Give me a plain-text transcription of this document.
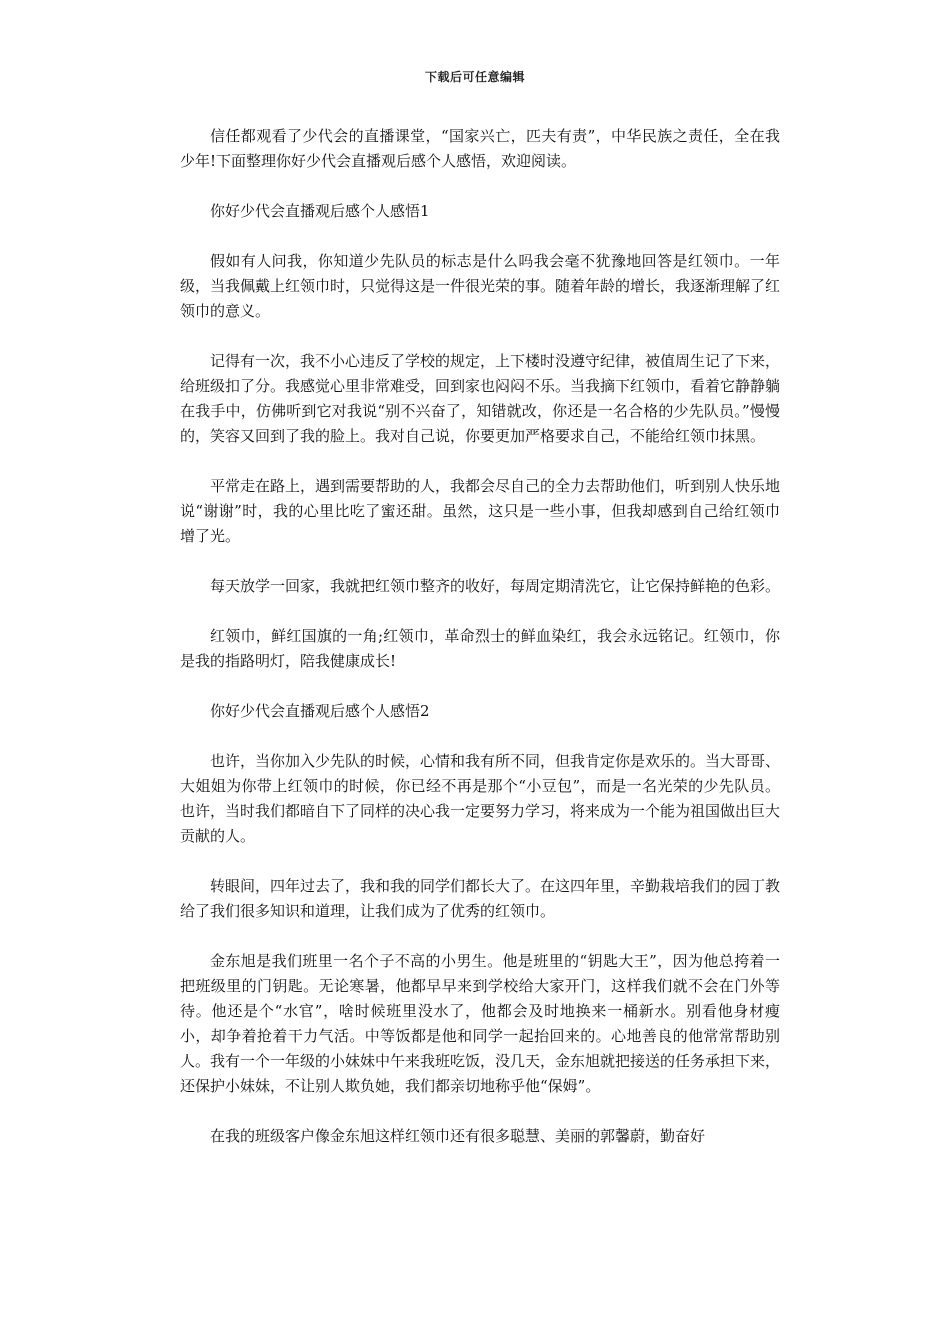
下载后可任意编辑

信任都观看了少代会的直播课堂，“国家兴亡，匹夫有责”，中华民族之责任，全在我少年!下面整理你好少代会直播观后感个人感悟，欢迎阅读。

你好少代会直播观后感个人感悟1

假如有人问我，你知道少先队员的标志是什么吗我会毫不犹豫地回答是红领巾。一年级，当我佩戴上红领巾时，只觉得这是一件很光荣的事。随着年龄的增长，我逐渐理解了红领巾的意义。

记得有一次，我不小心违反了学校的规定，上下楼时没遵守纪律，被值周生记了下来，给班级扣了分。我感觉心里非常难受，回到家也闷闷不乐。当我摘下红领巾，看着它静静躺在我手中，仿佛听到它对我说“别不兴奋了，知错就改，你还是一名合格的少先队员。”慢慢的，笑容又回到了我的脸上。我对自己说，你要更加严格要求自己，不能给红领巾抹黑。

平常走在路上，遇到需要帮助的人，我都会尽自己的全力去帮助他们，听到别人快乐地说“谢谢”时，我的心里比吃了蜜还甜。虽然，这只是一些小事，但我却感到自己给红领巾增了光。

每天放学一回家，我就把红领巾整齐的收好，每周定期清洗它，让它保持鲜艳的色彩。

红领巾，鲜红国旗的一角;红领巾，革命烈士的鲜血染红，我会永远铭记。红领巾，你是我的指路明灯，陪我健康成长!

你好少代会直播观后感个人感悟2

也许，当你加入少先队的时候，心情和我有所不同，但我肯定你是欢乐的。当大哥哥、大姐姐为你带上红领巾的时候，你已经不再是那个“小豆包”，而是一名光荣的少先队员。也许，当时我们都暗自下了同样的决心我一定要努力学习，将来成为一个能为祖国做出巨大贡献的人。

转眼间，四年过去了，我和我的同学们都长大了。在这四年里，辛勤栽培我们的园丁教给了我们很多知识和道理，让我们成为了优秀的红领巾。

金东旭是我们班里一名个子不高的小男生。他是班里的“钥匙大王”，因为他总挎着一把班级里的门钥匙。无论寒暑，他都早早来到学校给大家开门，这样我们就不会在门外等待。他还是个“水官”，啥时候班里没水了，他都会及时地换来一桶新水。别看他身材瘦小，却争着抢着干力气活。中等饭都是他和同学一起抬回来的。心地善良的他常常帮助别人。我有一个一年级的小妹妹中午来我班吃饭，没几天，金东旭就把接送的任务承担下来，还保护小妹妹，不让别人欺负她，我们都亲切地称乎他“保姆”。

在我的班级客户像金东旭这样红领巾还有很多聪慧、美丽的郭馨蔚，勤奋好
